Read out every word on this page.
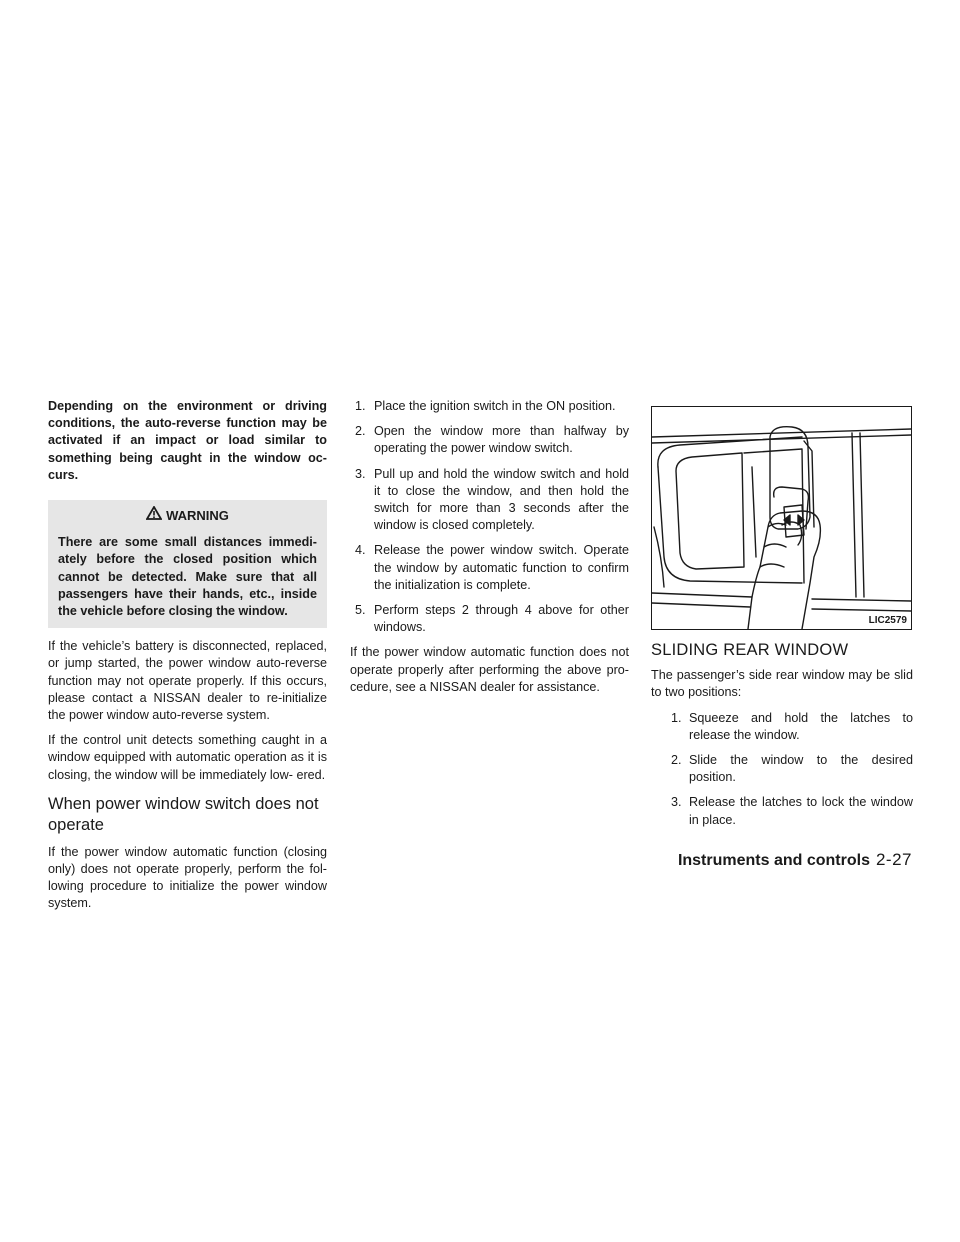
Depending on the environment or driving conditions, the auto-reverse function may be activated if an impact or load similar to something being caught in the window oc- curs.

WARNING
There are some small distances immedi- ately before the closed position which cannot be detected. Make sure that all passengers have their hands, etc., inside the vehicle before closing the window.

If the vehicle’s battery is disconnected, replaced, or jump started, the power window auto-reverse function may not operate properly. If this occurs, please contact a NISSAN dealer to re-initialize the power window auto-reverse system.

If the control unit detects something caught in a window equipped with automatic operation as it is closing, the window will be immediately low- ered.

When power window switch does not operate

If the power window automatic function (closing only) does not operate properly, perform the fol- lowing procedure to initialize the power window system.

1. Place the ignition switch in the ON position.
2. Open the window more than halfway by operating the power window switch.
3. Pull up and hold the window switch and hold it to close the window, and then hold the switch for more than 3 seconds after the window is closed completely.
4. Release the power window switch. Operate the window by automatic function to confirm the initialization is complete.
5. Perform steps 2 through 4 above for other windows.

If the power window automatic function does not operate properly after performing the above pro- cedure, see a NISSAN dealer for assistance.

LIC2579
SLIDING REAR WINDOW

The passenger’s side rear window may be slid to two positions:

1. Squeeze and hold the latches to release the window.
2. Slide the window to the desired position.
3. Release the latches to lock the window in place.
Instruments and controls 2-27
